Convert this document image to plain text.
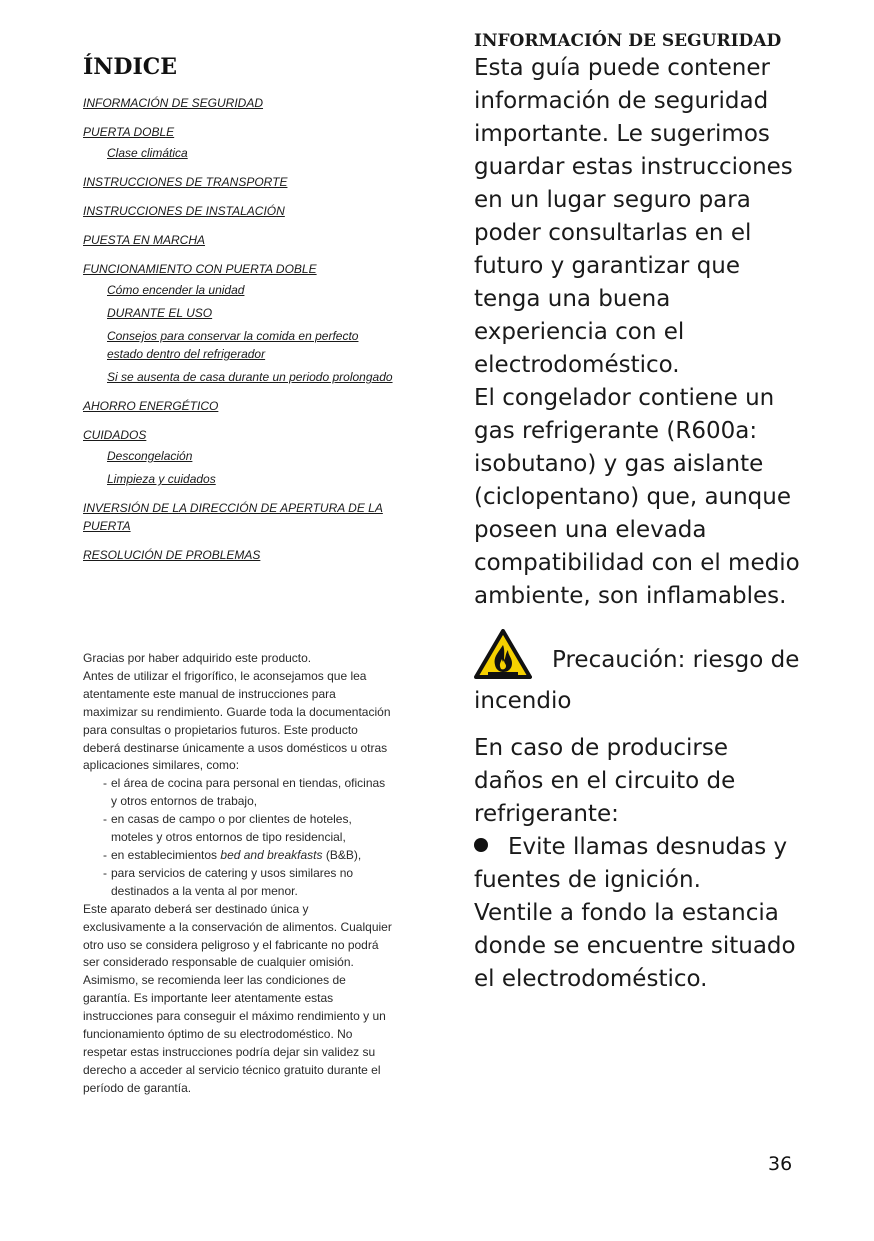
ÍNDICE
INFORMACIÓN DE SEGURIDAD
PUERTA DOBLE
Clase climática
INSTRUCCIONES DE TRANSPORTE
INSTRUCCIONES DE INSTALACIÓN
PUESTA EN MARCHA
FUNCIONAMIENTO CON PUERTA DOBLE
Cómo encender la unidad
DURANTE EL USO
Consejos para conservar la comida en perfecto estado dentro del refrigerador
Si se ausenta de casa durante un periodo prolongado
AHORRO ENERGÉTICO
CUIDADOS
Descongelación
Limpieza y cuidados
INVERSIÓN DE LA DIRECCIÓN DE APERTURA DE LA PUERTA
RESOLUCIÓN DE PROBLEMAS

Gracias por haber adquirido este producto.

Antes de utilizar el frigorífico, le aconsejamos que lea atentamente este manual de instrucciones para maximizar su rendimiento. Guarde toda la documentación para consultas o propietarios futuros. Este producto deberá destinarse únicamente a usos domésticos u otras aplicaciones similares, como:

- el área de cocina para personal en tiendas, oficinas y otros entornos de trabajo,
- en casas de campo o por clientes de hoteles, moteles y otros entornos de tipo residencial,
- en establecimientos bed and breakfasts (B&B),
- para servicios de catering y usos similares no destinados a la venta al por menor.

Este aparato deberá ser destinado única y exclusivamente a la conservación de alimentos. Cualquier otro uso se considera peligroso y el fabricante no podrá ser considerado responsable de cualquier omisión. Asimismo, se recomienda leer las condiciones de garantía. Es importante leer atentamente estas instrucciones para conseguir el máximo rendimiento y un funcionamiento óptimo de su electrodoméstico. No respetar estas instrucciones podría dejar sin validez su derecho a acceder al servicio técnico gratuito durante el período de garantía.

INFORMACIÓN DE SEGURIDAD

Esta guía puede contener información de seguridad importante. Le sugerimos guardar estas instrucciones en un lugar seguro para poder consultarlas en el futuro y garantizar que tenga una buena experiencia con el electrodoméstico.

El congelador contiene un gas refrigerante (R600a: isobutano) y gas aislante (ciclopentano) que, aunque poseen una elevada compatibilidad con el medio ambiente, son inflamables.

Precaución: riesgo de

incendio

En caso de producirse daños en el circuito de refrigerante:

Evite llamas desnudas y fuentes de ignición.

Ventile a fondo la estancia donde se encuentre situado el electrodoméstico.

36
